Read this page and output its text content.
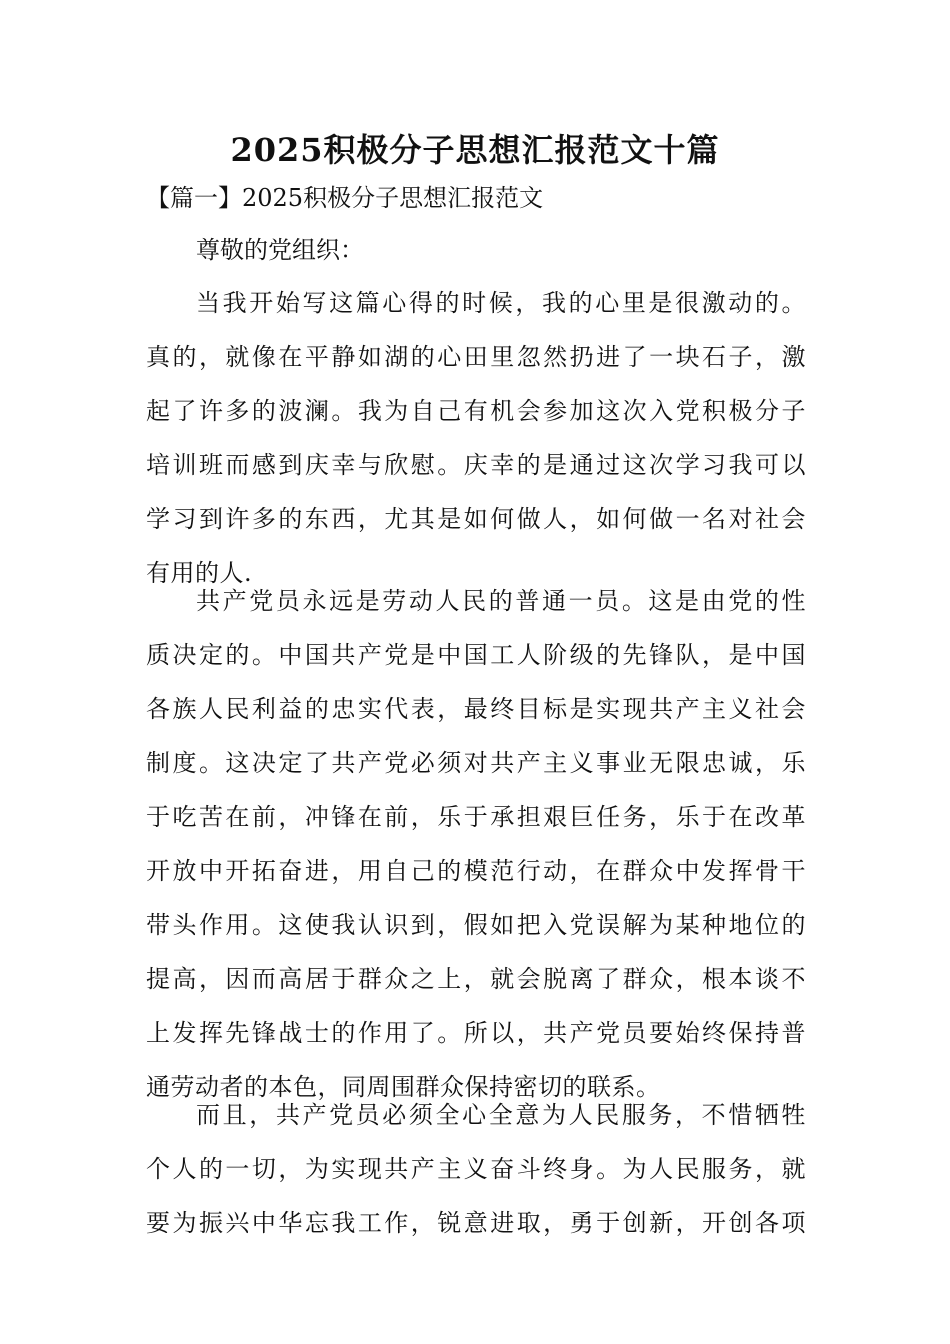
2025积极分子思想汇报范文十篇
【篇一】2025积极分子思想汇报范文
尊敬的党组织：
当我开始写这篇心得的时候，我的心里是很激动的。
真的，就像在平静如湖的心田里忽然扔进了一块石子，激
起了许多的波澜。我为自己有机会参加这次入党积极分子
培训班而感到庆幸与欣慰。庆幸的是通过这次学习我可以
学习到许多的东西，尤其是如何做人，如何做一名对社会
有用的人.
共产党员永远是劳动人民的普通一员。这是由党的性
质决定的。中国共产党是中国工人阶级的先锋队，是中国
各族人民利益的忠实代表，最终目标是实现共产主义社会
制度。这决定了共产党必须对共产主义事业无限忠诚，乐
于吃苦在前，冲锋在前，乐于承担艰巨任务，乐于在改革
开放中开拓奋进，用自己的模范行动，在群众中发挥骨干
带头作用。这使我认识到，假如把入党误解为某种地位的
提高，因而高居于群众之上，就会脱离了群众，根本谈不
上发挥先锋战士的作用了。所以，共产党员要始终保持普
通劳动者的本色，同周围群众保持密切的联系。
而且，共产党员必须全心全意为人民服务，不惜牺牲
个人的一切，为实现共产主义奋斗终身。为人民服务，就
要为振兴中华忘我工作，锐意进取，勇于创新，开创各项
